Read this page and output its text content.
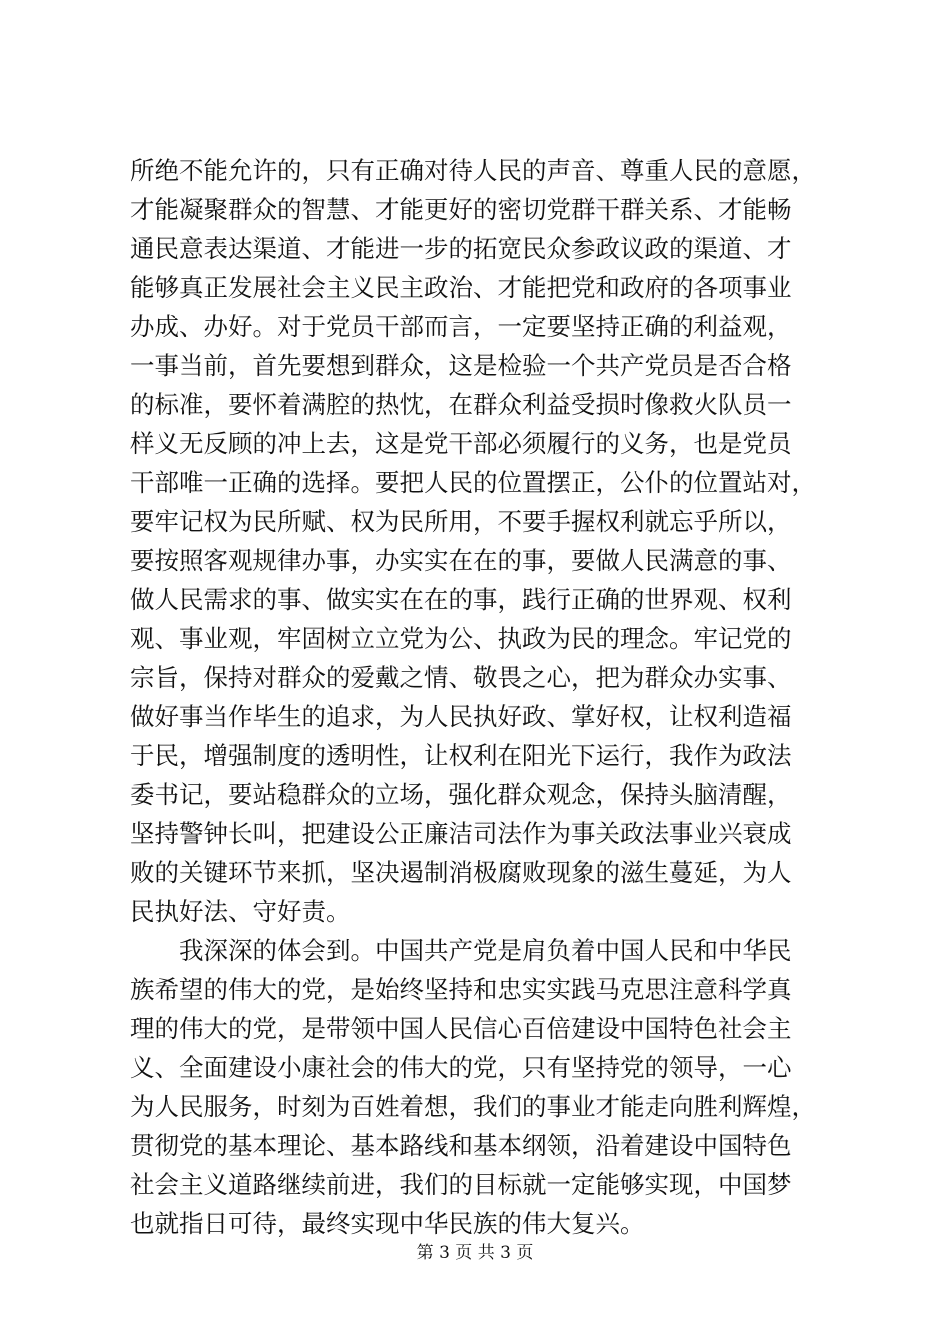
所绝不能允许的，只有正确对待人民的声音、尊重人民的意愿，
才能凝聚群众的智慧、才能更好的密切党群干群关系、才能畅
通民意表达渠道、才能进一步的拓宽民众参政议政的渠道、才
能够真正发展社会主义民主政治、才能把党和政府的各项事业
办成、办好。对于党员干部而言，一定要坚持正确的利益观，
一事当前，首先要想到群众，这是检验一个共产党员是否合格
的标准，要怀着满腔的热忱，在群众利益受损时像救火队员一
样义无反顾的冲上去，这是党干部必须履行的义务，也是党员
干部唯一正确的选择。要把人民的位置摆正，公仆的位置站对，
要牢记权为民所赋、权为民所用，不要手握权利就忘乎所以，
要按照客观规律办事，办实实在在的事，要做人民满意的事、
做人民需求的事、做实实在在的事，践行正确的世界观、权利
观、事业观，牢固树立立党为公、执政为民的理念。牢记党的
宗旨，保持对群众的爱戴之情、敬畏之心，把为群众办实事、
做好事当作毕生的追求，为人民执好政、掌好权，让权利造福
于民，增强制度的透明性，让权利在阳光下运行，我作为政法
委书记，要站稳群众的立场，强化群众观念，保持头脑清醒，
坚持警钟长叫，把建设公正廉洁司法作为事关政法事业兴衰成
败的关键环节来抓，坚决遏制消极腐败现象的滋生蔓延，为人
民执好法、守好责。
我深深的体会到。中国共产党是肩负着中国人民和中华民
族希望的伟大的党，是始终坚持和忠实实践马克思注意科学真
理的伟大的党，是带领中国人民信心百倍建设中国特色社会主
义、全面建设小康社会的伟大的党，只有坚持党的领导，一心
为人民服务，时刻为百姓着想，我们的事业才能走向胜利辉煌，
贯彻党的基本理论、基本路线和基本纲领，沿着建设中国特色
社会主义道路继续前进，我们的目标就一定能够实现，中国梦
也就指日可待，最终实现中华民族的伟大复兴。
第 3 页 共 3 页
